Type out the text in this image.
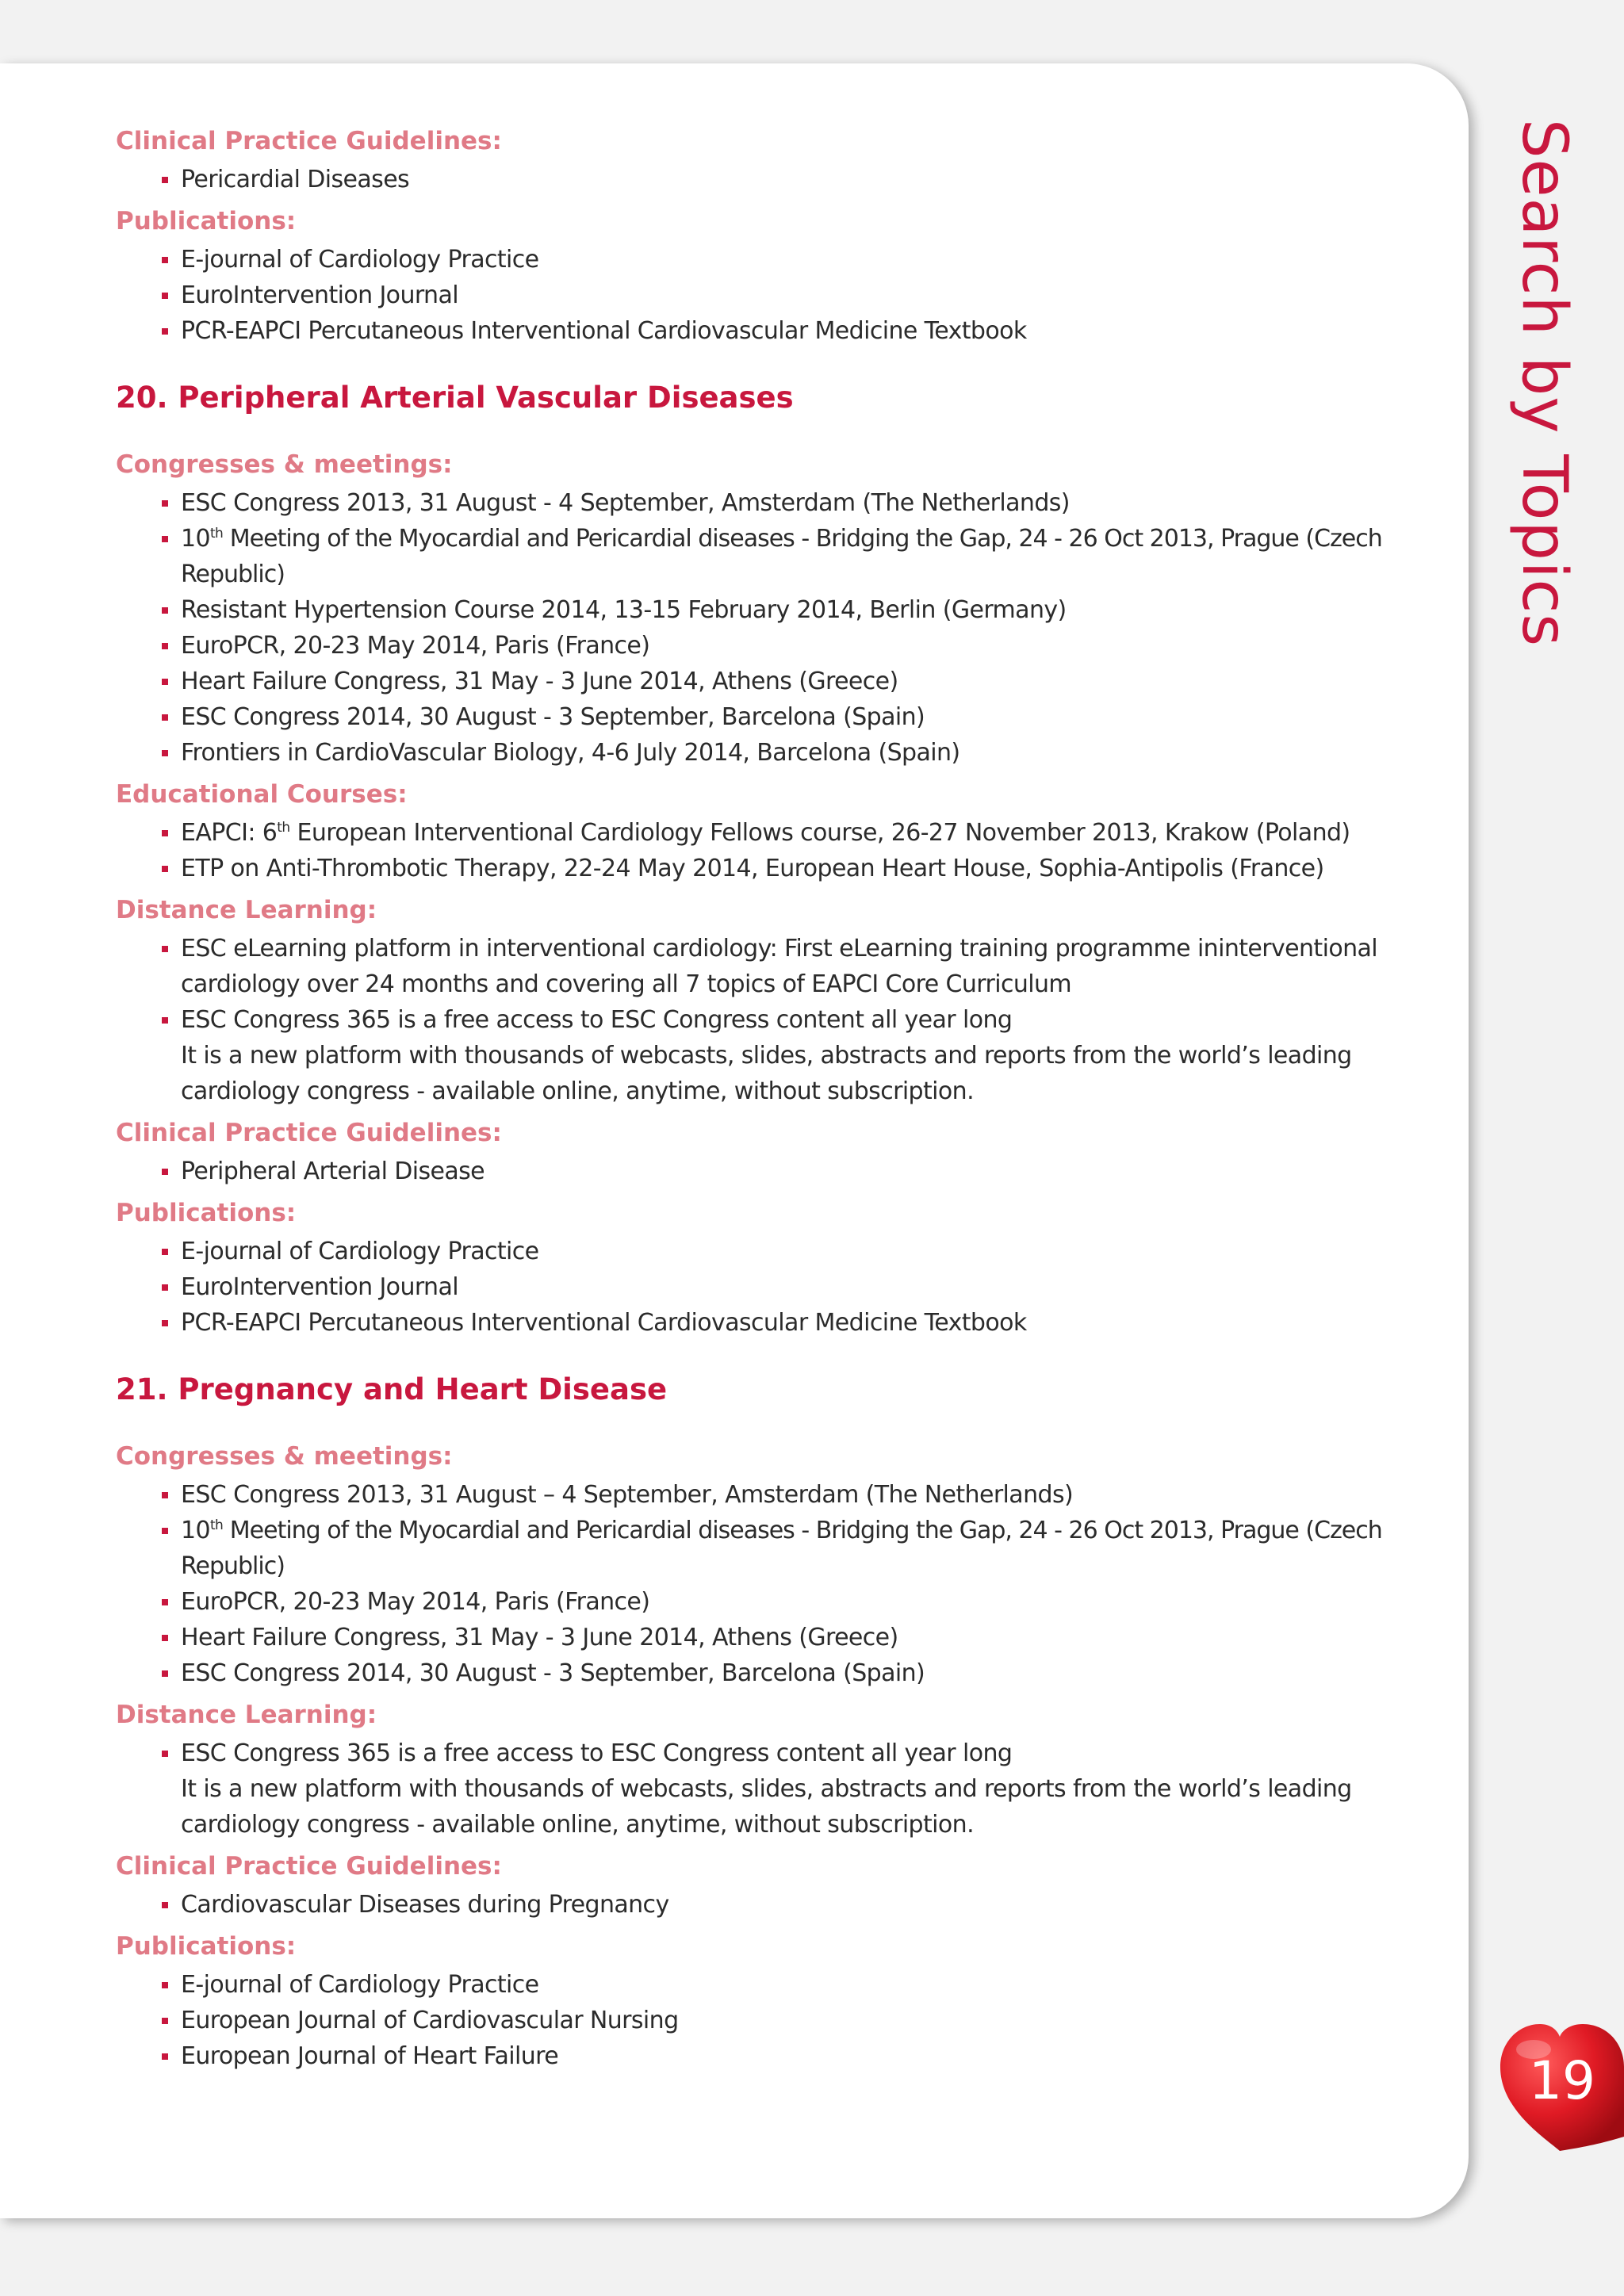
Clinical Practice Guidelines:
Pericardial Diseases
Publications:
E-journal of Cardiology Practice
EuroIntervention Journal
PCR-EAPCI Percutaneous Interventional Cardiovascular Medicine Textbook
20. Peripheral Arterial Vascular Diseases
Congresses & meetings:
ESC Congress 2013, 31 August - 4 September, Amsterdam (The Netherlands)
10th Meeting of the Myocardial and Pericardial diseases - Bridging the Gap, 24 - 26 Oct 2013, Prague (Czech Republic)
Resistant Hypertension Course 2014, 13-15 February 2014, Berlin (Germany)
EuroPCR, 20-23 May 2014, Paris (France)
Heart Failure Congress, 31 May - 3 June 2014, Athens (Greece)
ESC Congress 2014, 30 August - 3 September, Barcelona (Spain)
Frontiers in CardioVascular Biology, 4-6 July 2014, Barcelona (Spain)
Educational Courses:
EAPCI: 6th European Interventional Cardiology Fellows course, 26-27 November 2013, Krakow (Poland)
ETP on Anti-Thrombotic Therapy, 22-24 May 2014, European Heart House, Sophia-Antipolis (France)
Distance Learning:
ESC eLearning platform in interventional cardiology: First eLearning training programme ininterventional cardiology over 24 months and covering all 7 topics of EAPCI Core Curriculum
ESC Congress 365 is a free access to ESC Congress content all year long
It is a new platform with thousands of webcasts, slides, abstracts and reports from the world’s leading cardiology congress - available online, anytime, without subscription.
Clinical Practice Guidelines:
Peripheral Arterial Disease
Publications:
E-journal of Cardiology Practice
EuroIntervention Journal
PCR-EAPCI Percutaneous Interventional Cardiovascular Medicine Textbook
21. Pregnancy and Heart Disease
Congresses & meetings:
ESC Congress 2013, 31 August – 4 September, Amsterdam (The Netherlands)
10th Meeting of the Myocardial and Pericardial diseases - Bridging the Gap, 24 - 26 Oct 2013, Prague (Czech Republic)
EuroPCR, 20-23 May 2014, Paris (France)
Heart Failure Congress, 31 May - 3 June 2014, Athens (Greece)
ESC Congress 2014, 30 August - 3 September, Barcelona (Spain)
Distance Learning:
ESC Congress 365 is a free access to ESC Congress content all year long
It is a new platform with thousands of webcasts, slides, abstracts and reports from the world’s leading cardiology congress - available online, anytime, without subscription.
Clinical Practice Guidelines:
Cardiovascular Diseases during Pregnancy
Publications:
E-journal of Cardiology Practice
European Journal of Cardiovascular Nursing
European Journal of Heart Failure
Search by Topics
19
